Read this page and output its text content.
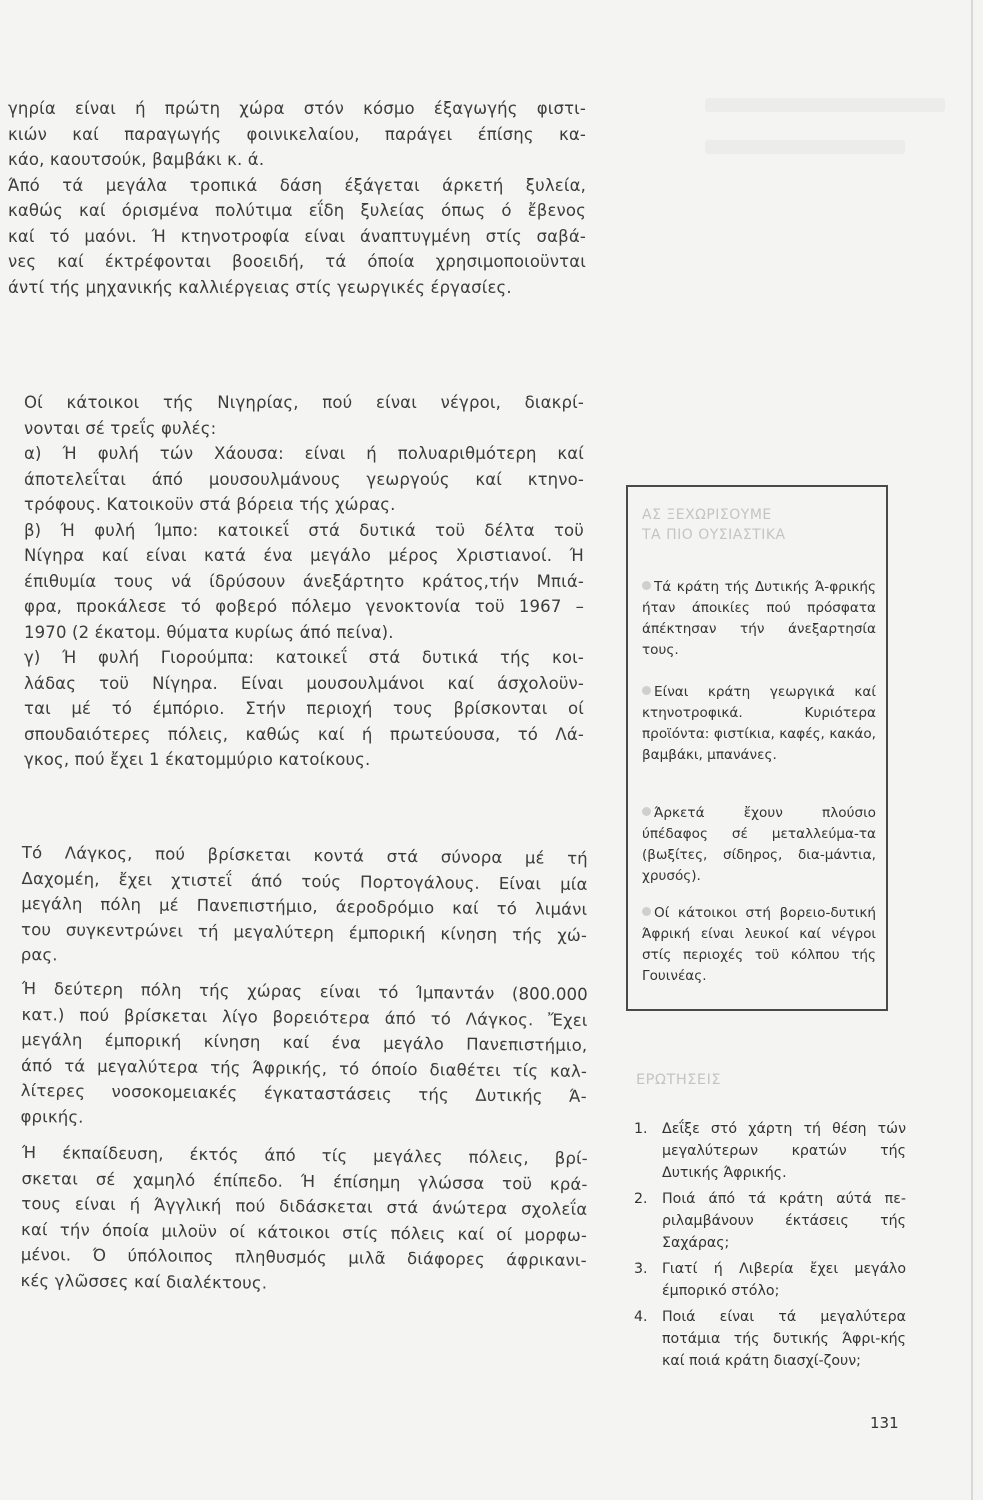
γηρία είναι ή πρώτη χώρα στόν κόσμο έξαγωγής φιστι-
κιών καί παραγωγής φοινικελαίου, παράγει έπίσης κα-
κάο, καουτσούκ, βαμβάκι κ. ά.
Άπό τά μεγάλα τροπικά δάση έξάγεται άρκετή ξυλεία,
καθώς καί όρισμένα πολύτιμα εΐδη ξυλείας όπως ό ἔβενος
καί τό μαόνι. Ή κτηνοτροφία είναι άναπτυγμένη στίς σαβά-
νες καί έκτρέφονται βοοειδή, τά όποία χρησιμοποιοϋνται
άντί τής μηχανικής καλλιέργειας στίς γεωργικές έργασίες.
Οί κάτοικοι τής Νιγηρίας, πού είναι νέγροι, διακρί-
νονται σέ τρεΐς φυλές:
α) Ή φυλή τών Χάουσα: είναι ή πολυαριθμότερη καί
άποτελεΐται άπό μουσουλμάνους γεωργούς καί κτηνο-
τρόφους. Κατοικοϋν στά βόρεια τής χώρας.
β) Ή φυλή Ίμπο: κατοικεΐ στά δυτικά τοϋ δέλτα τοϋ
Νίγηρα καί είναι κατά ένα μεγάλο μέρος Χριστιανοί. Ή
έπιθυμία τους νά ίδρύσουν άνεξάρτητο κράτος,τήν Μπιά-
φρα, προκάλεσε τό φοβερό πόλεμο γενοκτονία τοϋ 1967 –
1970 (2 έκατομ. θύματα κυρίως άπό πείνα).
γ) Ή φυλή Γιορούμπα: κατοικεΐ στά δυτικά τής κοι-
λάδας τοϋ Νίγηρα. Είναι μουσουλμάνοι καί άσχολοϋν-
ται μέ τό έμπόριο. Στήν περιοχή τους βρίσκονται οί
σπουδαιότερες πόλεις, καθώς καί ή πρωτεύουσα, τό Λά-
γκος, πού ἔχει 1 έκατομμύριο κατοίκους.
Τό Λάγκος, πού βρίσκεται κοντά στά σύνορα μέ τή
Δαχομέη, ἔχει χτιστεΐ άπό τούς Πορτογάλους. Είναι μία
μεγάλη πόλη μέ Πανεπιστήμιο, άεροδρόμιο καί τό λιμάνι
του συγκεντρώνει τή μεγαλύτερη έμπορική κίνηση τής χώ-
ρας.
Ή δεύτερη πόλη τής χώρας είναι τό Ίμπαντάν (800.000
κατ.) πού βρίσκεται λίγο βορειότερα άπό τό Λάγκος. Ἔχει
μεγάλη έμπορική κίνηση καί ένα μεγάλο Πανεπιστήμιο,
άπό τά μεγαλύτερα τής Άφρικής, τό όποίο διαθέτει τίς καλ-
λίτερες νοσοκομειακές έγκαταστάσεις τής Δυτικής Ά-
φρικής.
Ή έκπαίδευση, έκτός άπό τίς μεγάλες πόλεις, βρί-
σκεται σέ χαμηλό έπίπεδο. Ή έπίσημη γλώσσα τοϋ κρά-
τους είναι ή Άγγλική πού διδάσκεται στά άνώτερα σχολεΐα
καί τήν όποία μιλοϋν οί κάτοικοι στίς πόλεις καί οί μορφω-
μένοι. Ό ύπόλοιπος πληθυσμός μιλᾶ διάφορες άφρικανι-
κές γλῶσσες καί διαλέκτους.
ΑΣ ΞΕΧΩΡΙΣΟΥΜΕ
ΤΑ ΠΙΟ ΟΥΣΙΑΣΤΙΚΑ
Τά κράτη τής Δυτικής Ά-φρικής ήταν άποικίες πού πρόσφατα άπέκτησαν τήν άνεξαρτησία τους.
Είναι κράτη γεωργικά καί κτηνοτροφικά. Κυριότερα προϊόντα: φιστίκια, καφές, κακάο, βαμβάκι, μπανάνες.
Άρκετά ἔχουν πλούσιο ύπέδαφος σέ μεταλλεύμα-τα (βωξίτες, σίδηρος, δια-μάντια, χρυσός).
Οί κάτοικοι στή βορειο-δυτική Άφρική είναι λευκοί καί νέγροι στίς περιοχές τοϋ κόλπου τής Γουινέας.
ΕΡΩΤΗΣΕΙΣ
1. Δεΐξε στό χάρτη τή θέση τών μεγαλύτερων κρατών τής Δυτικής Άφρικής.
2. Ποιά άπό τά κράτη αύτά πε-ριλαμβάνουν έκτάσεις τής Σαχάρας;
3. Γιατί ή Λιβερία ἔχει μεγάλο έμπορικό στόλο;
4. Ποιά είναι τά μεγαλύτερα ποτάμια τής δυτικής Άφρι-κής καί ποιά κράτη διασχί-ζουν;
131
